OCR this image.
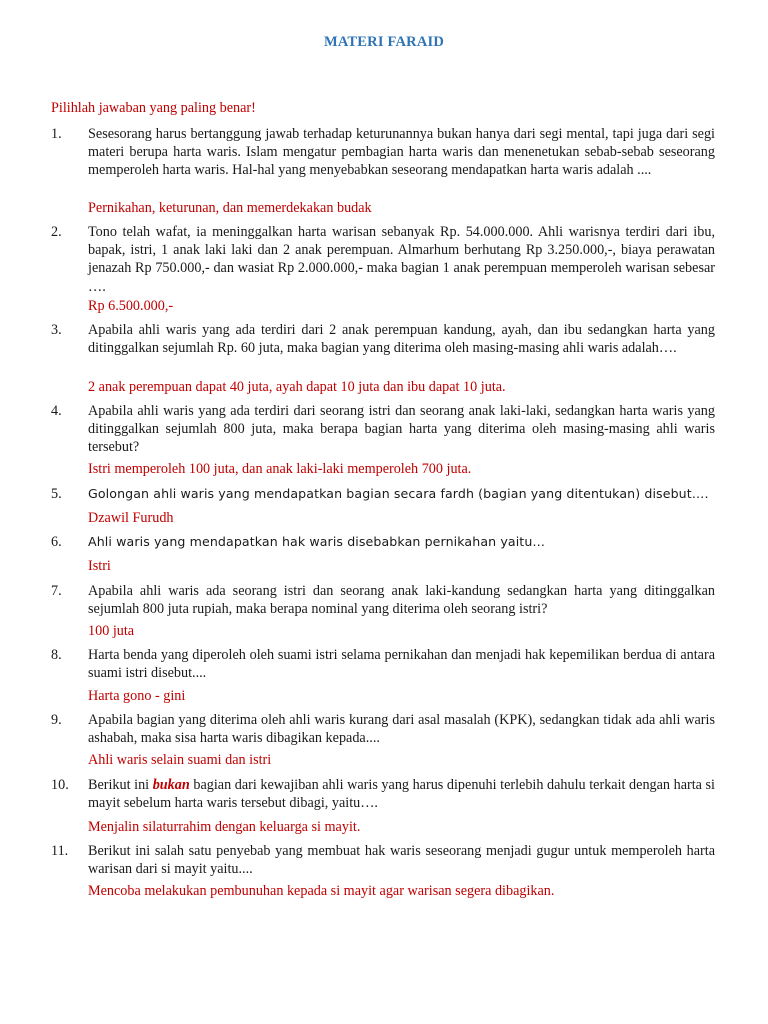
MATERI FARAID
Pilihlah jawaban yang paling benar!
1.	Sesesorang harus bertanggung jawab terhadap keturunannya bukan hanya dari segi mental, tapi juga dari segi materi berupa harta waris. Islam mengatur pembagian harta waris dan menenetukan sebab-sebab seseorang memperoleh harta waris. Hal-hal yang menyebabkan seseorang mendapatkan harta waris adalah ....
Pernikahan, keturunan, dan memerdekakan budak
2.	Tono telah wafat, ia meninggalkan harta warisan sebanyak Rp. 54.000.000. Ahli warisnya terdiri dari ibu, bapak, istri, 1 anak laki laki dan 2 anak perempuan. Almarhum berhutang Rp 3.250.000,-, biaya perawatan jenazah Rp 750.000,- dan wasiat Rp 2.000.000,- maka bagian 1 anak perempuan memperoleh warisan sebesar ….
Rp 6.500.000,-
3.	Apabila ahli waris yang ada terdiri dari 2 anak perempuan kandung, ayah, dan ibu sedangkan harta yang ditinggalkan sejumlah Rp. 60 juta, maka bagian yang diterima oleh masing-masing ahli waris adalah….
2 anak perempuan dapat 40 juta, ayah dapat 10 juta dan ibu dapat 10 juta.
4.	Apabila ahli waris yang ada terdiri dari seorang istri dan seorang anak laki-laki, sedangkan harta waris yang ditinggalkan sejumlah 800 juta, maka berapa bagian harta yang diterima oleh masing-masing ahli waris tersebut?
Istri memperoleh 100 juta, dan anak laki-laki memperoleh 700 juta.
5.	Golongan ahli waris yang mendapatkan bagian secara fardh (bagian yang ditentukan) disebut….
Dzawil Furudh
6.	Ahli waris yang mendapatkan hak waris disebabkan pernikahan yaitu…
Istri
7.	Apabila ahli waris ada seorang istri dan seorang anak laki-kandung sedangkan harta yang ditinggalkan sejumlah 800 juta rupiah, maka berapa nominal yang diterima oleh seorang istri?
100 juta
8.	Harta benda yang diperoleh oleh suami istri selama pernikahan dan menjadi hak kepemilikan berdua di antara suami istri disebut....
Harta gono - gini
9.	Apabila bagian yang diterima oleh ahli waris kurang dari asal masalah (KPK), sedangkan tidak ada ahli waris ashabah, maka sisa harta waris dibagikan kepada....
Ahli waris selain suami dan istri
10.	Berikut ini bukan bagian dari kewajiban ahli waris yang harus dipenuhi terlebih dahulu terkait dengan harta si mayit sebelum harta waris tersebut dibagi, yaitu….
Menjalin silaturrahim dengan keluarga si mayit.
11.	Berikut ini salah satu penyebab yang membuat hak waris seseorang menjadi gugur untuk memperoleh harta warisan dari si mayit yaitu....
Mencoba melakukan pembunuhan kepada si mayit agar warisan segera dibagikan.
